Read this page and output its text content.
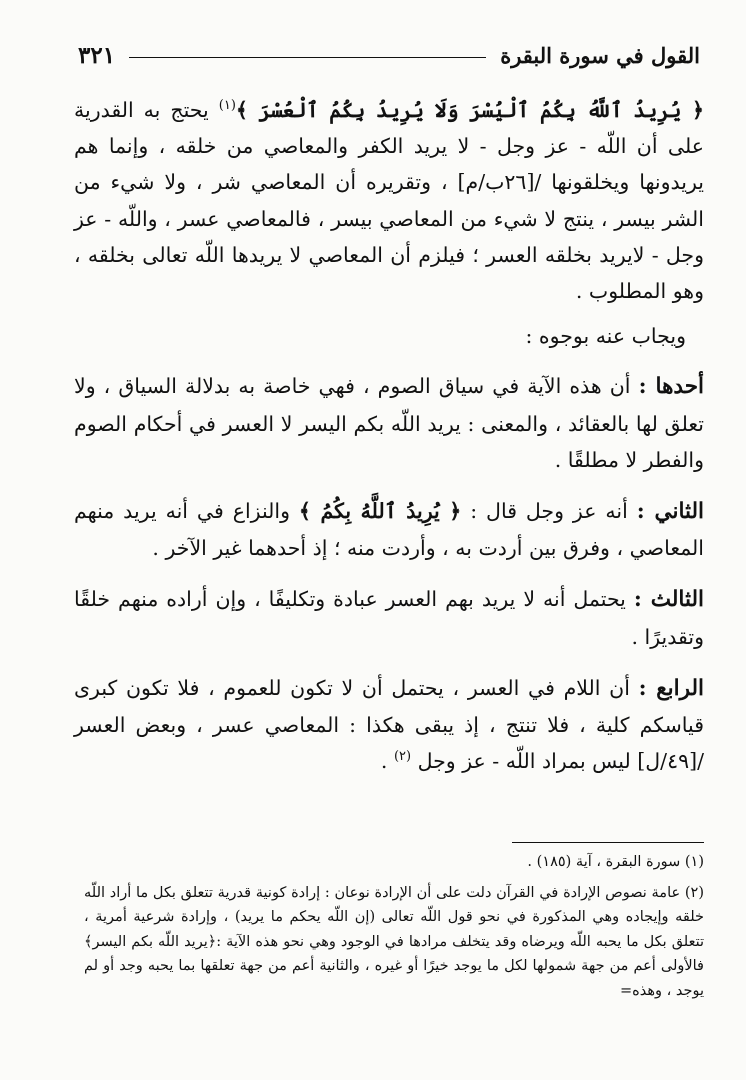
القول في سورة البقرة
٣٢١

﴿ يُرِيدُ ٱللَّهُ بِكُمُ ٱلْيُسْرَ وَلَا يُرِيدُ بِكُمُ ٱلْعُسْرَ ﴾$^{(١)}$ يحتج به القدرية على أن اللّه - عز وجل - لا يريد الكفر والمعاصي من خلقه ، وإنما هم يريدونها ويخلقونها /[٢٦ب/م] ، وتقريره أن المعاصي شر ، ولا شيء من الشر بيسر ، ينتج لا شيء من المعاصي بيسر ، فالمعاصي عسر ، واللّه - عز وجل - لايريد بخلقه العسر ؛ فيلزم أن المعاصي لا يريدها اللّه تعالى بخلقه ، وهو المطلوب .

ويجاب عنه بوجوه :

أحدها : أن هذه الآية في سياق الصوم ، فهي خاصة به بدلالة السياق ، ولا تعلق لها بالعقائد ، والمعنى : يريد اللّه بكم اليسر لا العسر في أحكام الصوم والفطر لا مطلقًا .

الثاني : أنه عز وجل قال : ﴿ يُرِيدُ ٱللَّهُ بِكُمُ ﴾ والنزاع في أنه يريد منهم المعاصي ، وفرق بين أردت به ، وأردت منه ؛ إذ أحدهما غير الآخر .

الثالث : يحتمل أنه لا يريد بهم العسر عبادة وتكليفًا ، وإن أراده منهم خلقًا وتقديرًا .

الرابع : أن اللام في العسر ، يحتمل أن لا تكون للعموم ، فلا تكون كبرى قياسكم كلية ، فلا تنتج ، إذ يبقى هكذا : المعاصي عسر ، وبعض العسر /[٤٩/ل] ليس بمراد اللّه - عز وجل $^{(٢)}$ .

(١) سورة البقرة ، آية (١٨٥) .

(٢) عامة نصوص الإرادة في القرآن دلت على أن الإرادة نوعان : إرادة كونية قدرية تتعلق بكل ما أراد اللّه خلقه وإيجاده وهي المذكورة في نحو قول اللّه تعالى (إن اللّه يحكم ما يريد) ، وإرادة شرعية أمرية ، تتعلق بكل ما يحبه اللّه ويرضاه وقد يتخلف مرادها في الوجود وهي نحو هذه الآية :﴿يريد اللّه بكم اليسر﴾ فالأولى أعم من جهة شمولها لكل ما يوجد خيرًا أو غيره ، والثانية أعم من جهة تعلقها بما يحبه وجد أو لم يوجد ، وهذه=
